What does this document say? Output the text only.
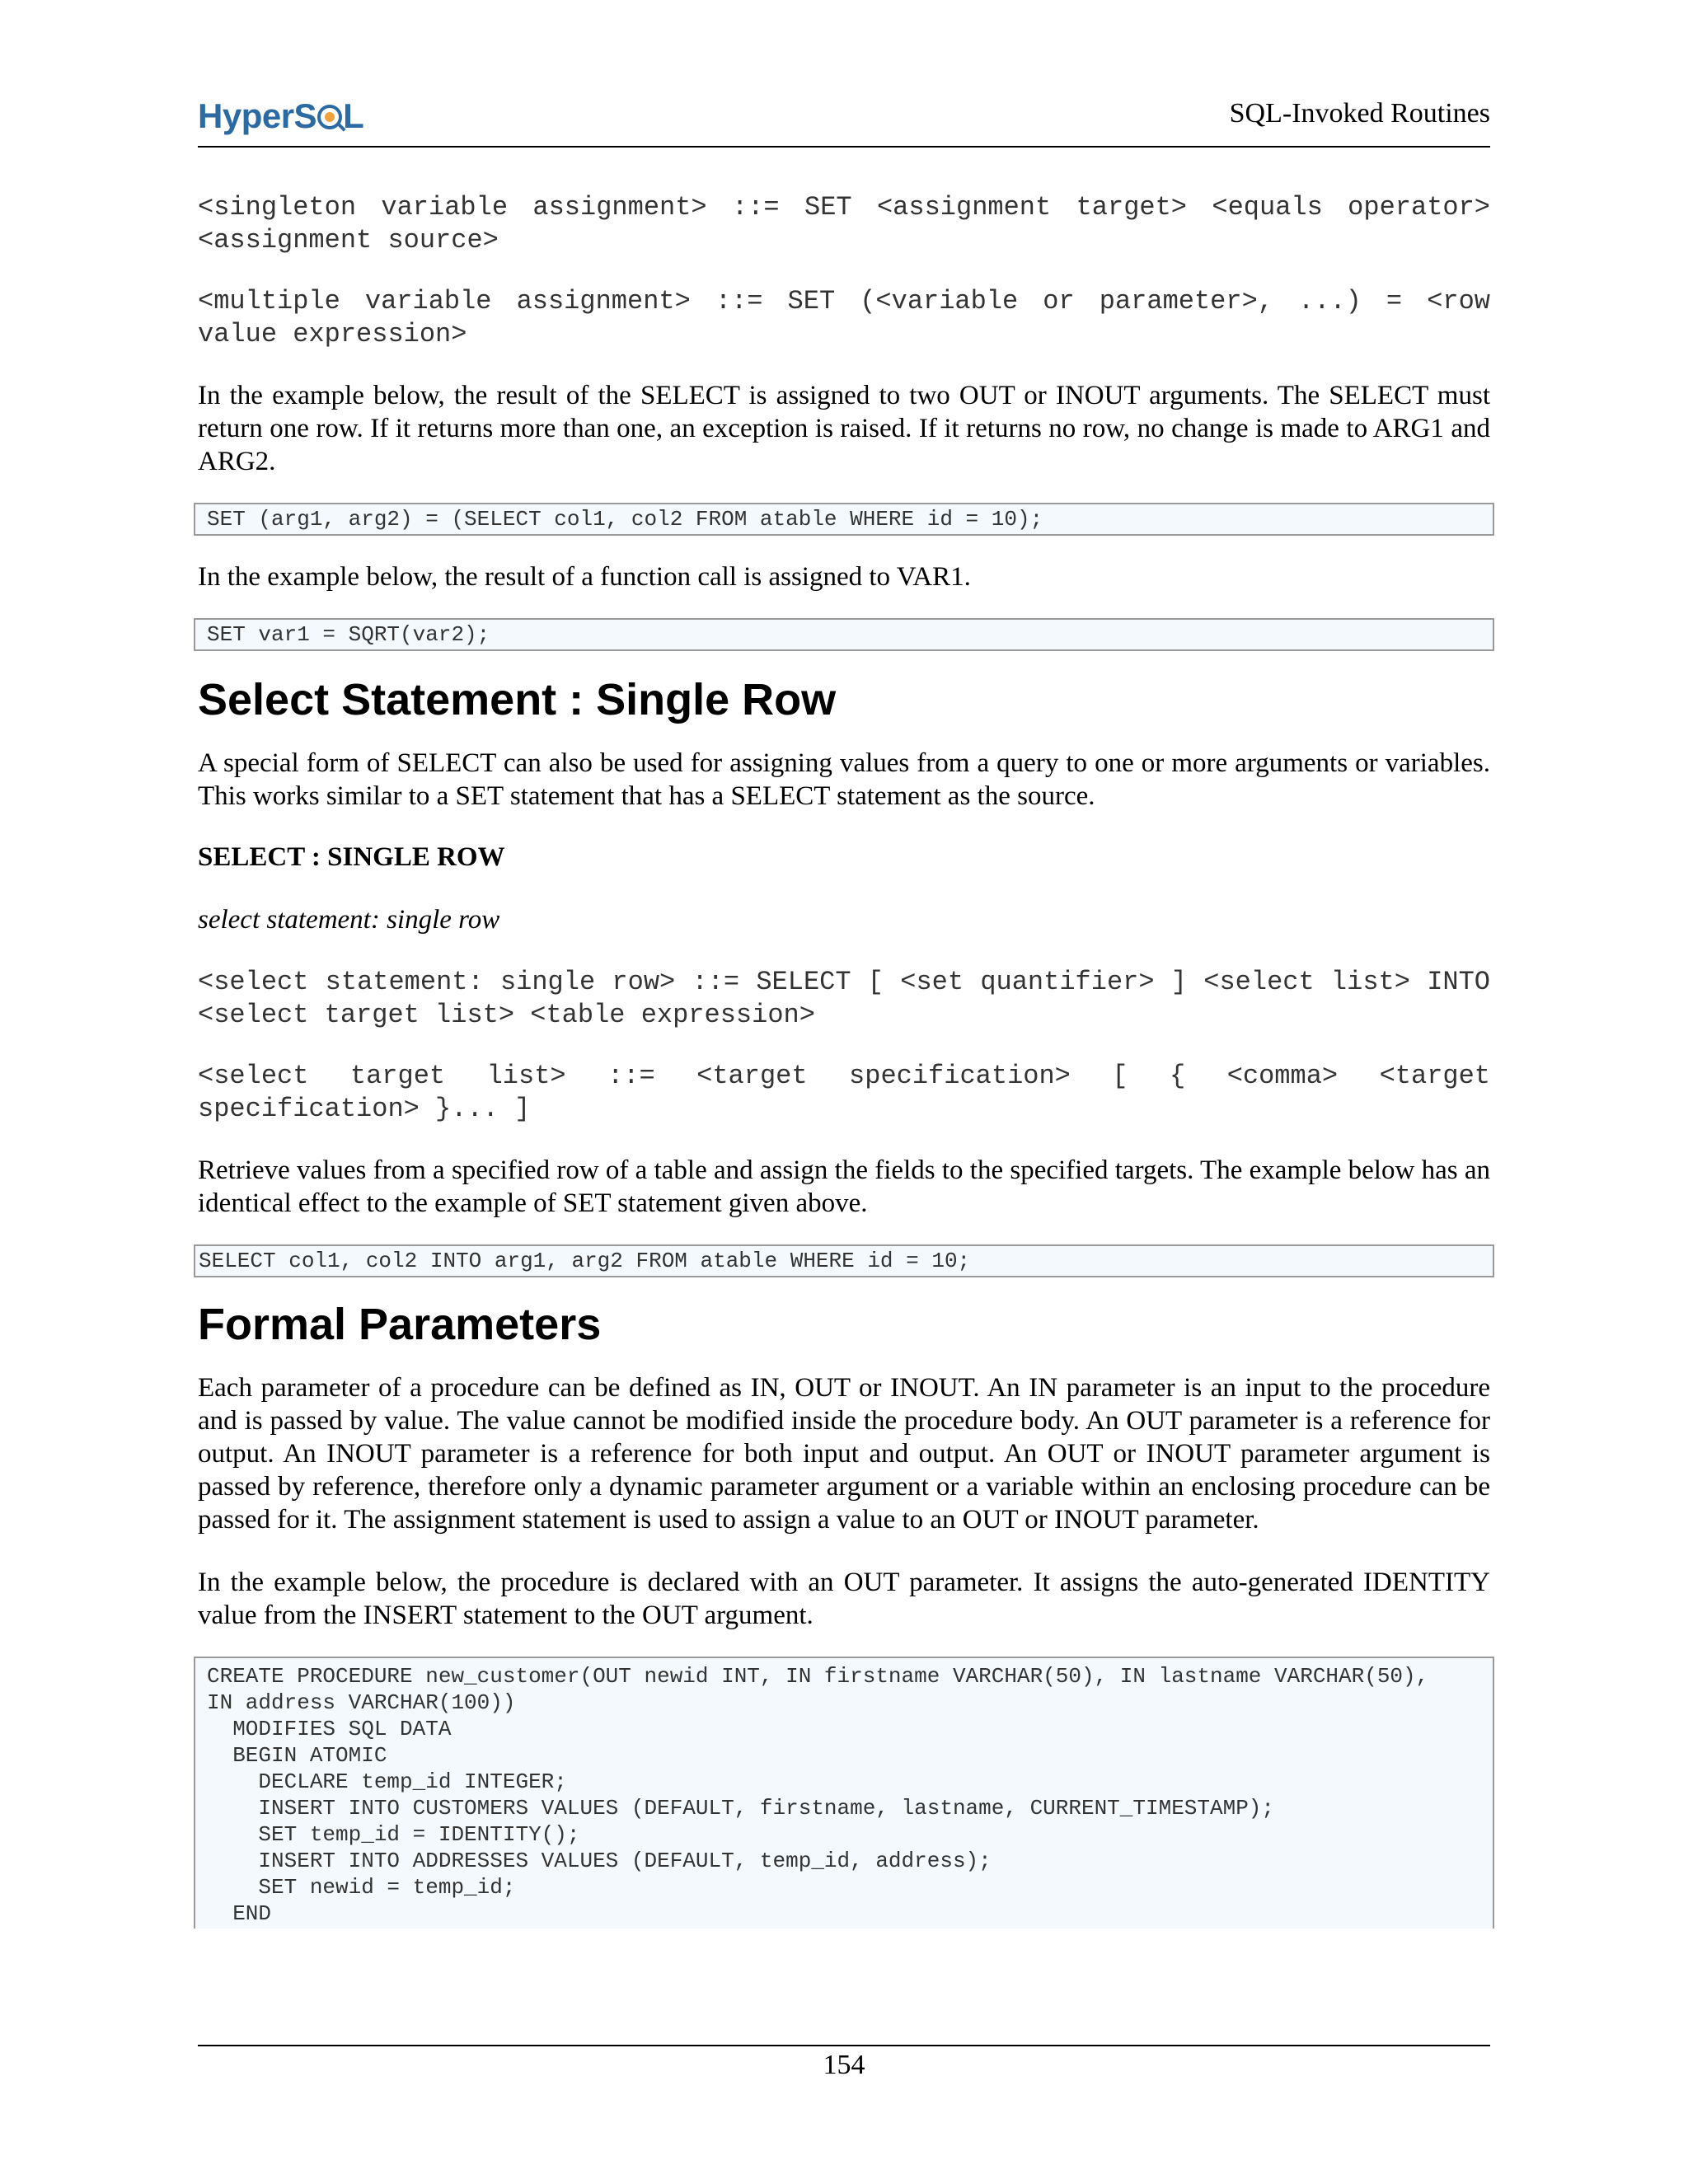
HyperS L	SQL-Invoked Routines

<singleton variable assignment> ::= SET <assignment target> <equals operator> <assignment source>

<multiple variable assignment> ::= SET (<variable or parameter>, ...) = <row value expression>

In the example below, the result of the SELECT is assigned to two OUT or INOUT arguments. The SELECT must return one row. If it returns more than one, an exception is raised. If it returns no row, no change is made to ARG1 and ARG2.

SET (arg1, arg2) = (SELECT col1, col2 FROM atable WHERE id = 10);

In the example below, the result of a function call is assigned to VAR1.

SET var1 = SQRT(var2);
Select Statement : Single Row

A special form of SELECT can also be used for assigning values from a query to one or more arguments or variables. This works similar to a SET statement that has a SELECT statement as the source.

SELECT : SINGLE ROW

select statement: single row

<select statement: single row> ::= SELECT [ <set quantifier> ] <select list> INTO <select target list> <table expression>

<select target list> ::= <target specification> [ { <comma> <target specification> }... ]

Retrieve values from a specified row of a table and assign the fields to the specified targets. The example below has an identical effect to the example of SET statement given above.

SELECT col1, col2 INTO arg1, arg2 FROM atable WHERE id = 10;
Formal Parameters

Each parameter of a procedure can be defined as IN, OUT or INOUT. An IN parameter is an input to the procedure and is passed by value. The value cannot be modified inside the procedure body. An OUT parameter is a reference for output. An INOUT parameter is a reference for both input and output. An OUT or INOUT parameter argument is passed by reference, therefore only a dynamic parameter argument or a variable within an enclosing procedure can be passed for it. The assignment statement is used to assign a value to an OUT or INOUT parameter.

In the example below, the procedure is declared with an OUT parameter. It assigns the auto-generated IDENTITY value from the INSERT statement to the OUT argument.

CREATE PROCEDURE new_customer(OUT newid INT, IN firstname VARCHAR(50), IN lastname VARCHAR(50),
IN address VARCHAR(100))
MODIFIES SQL DATA
BEGIN ATOMIC
DECLARE temp_id INTEGER;
INSERT INTO CUSTOMERS VALUES (DEFAULT, firstname, lastname, CURRENT_TIMESTAMP);
SET temp_id = IDENTITY();
INSERT INTO ADDRESSES VALUES (DEFAULT, temp_id, address);
SET newid = temp_id;
END
154
